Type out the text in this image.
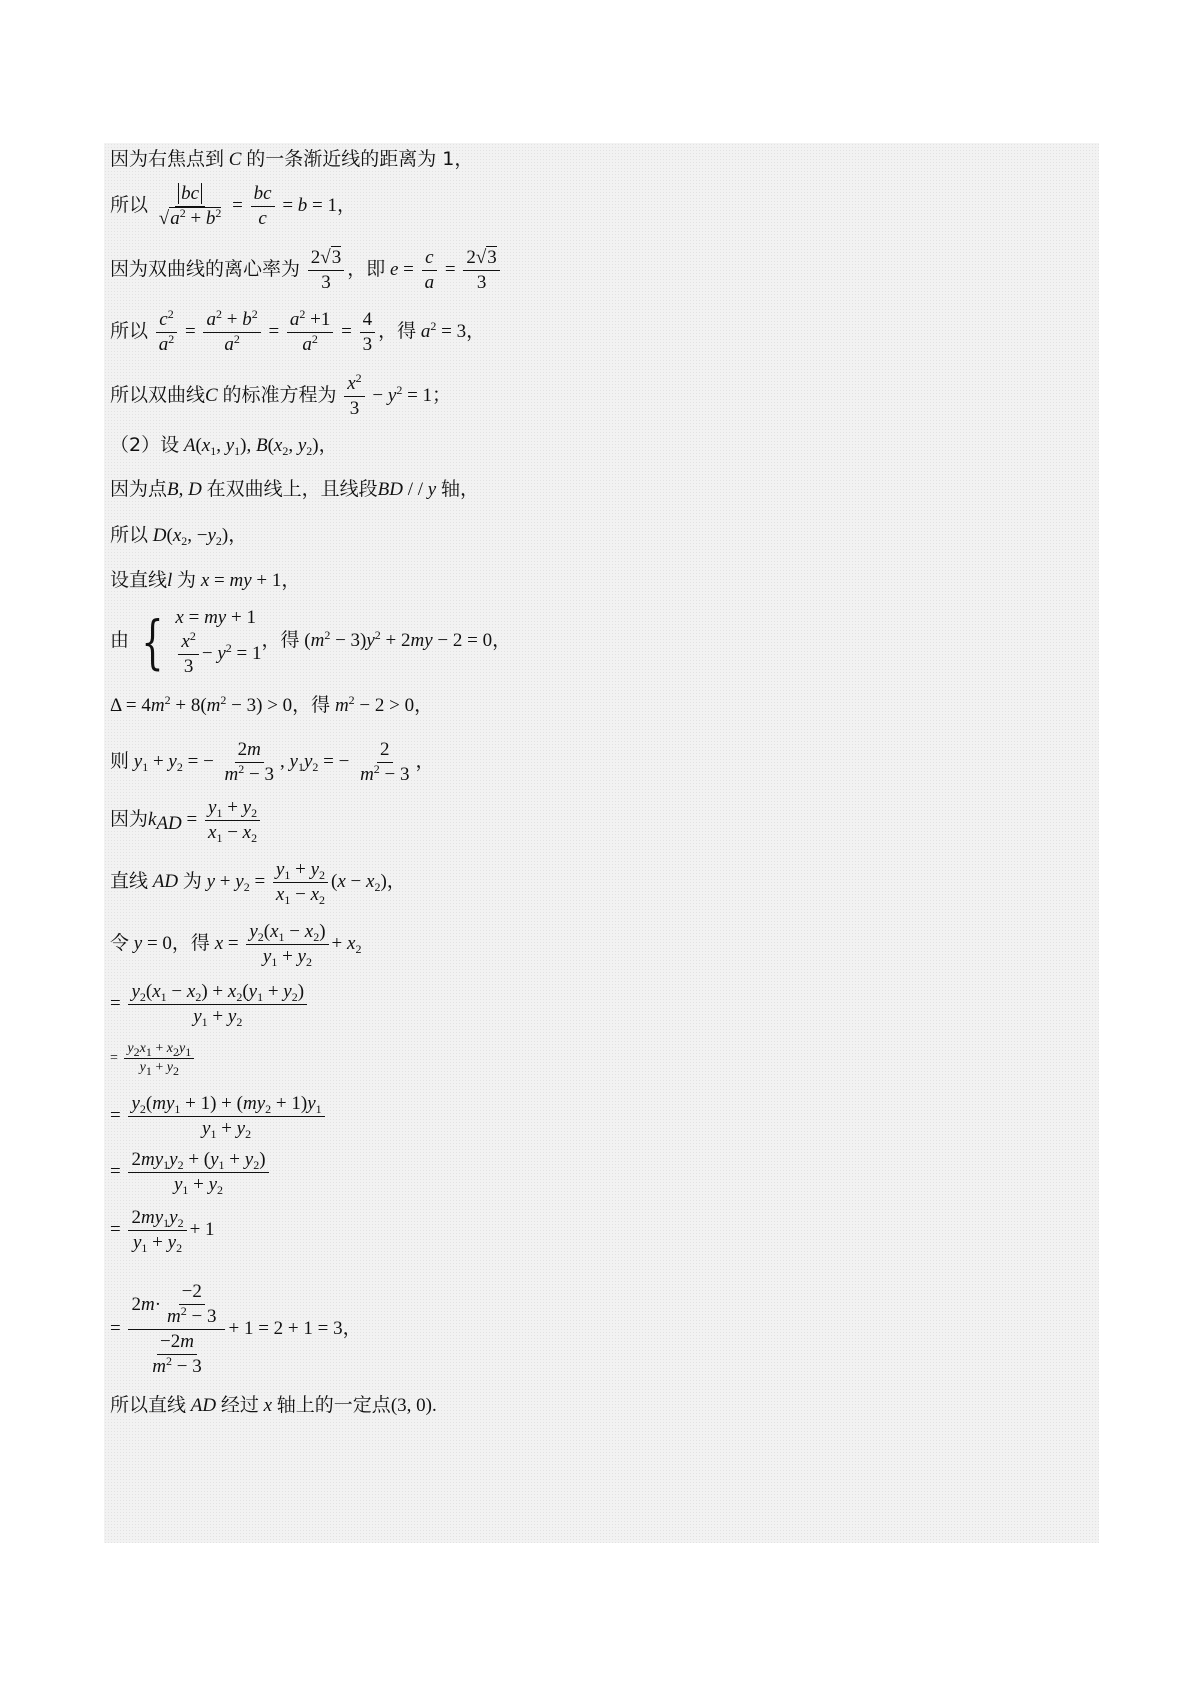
因为右焦点到 C 的一条渐近线的距离为 1，
所以 $\frac{bc}{√a^2 + b^2} = \frac{bc}{c} = b = 1$，
因为双曲线的离心率为 $\frac{2√3}{3}$ ，即 $e = \frac{c}{a} = \frac{2√3}{3}$
所以 $\frac{c^2}{a^2} = \frac{a^2 + b^2}{a^2} = \frac{a^2 +1}{a^2} = \frac{4}{3}$ ，得 $a^2 = 3$，
所以双曲线C 的标准方程为 $\frac{x^2}{3} - y^2 = 1$；
（2）设 $A(x_1$, $y_1$), $B(x_2$, $y_2$)，
因为点B, D 在双曲线上，且线段BD / / y 轴，
所以 $D(x_2$, $-y_2$)，
设直线l 为 x = my + 1，
由 { x = my + 1
$\frac{x^2}{3} - y^2 = 1$
，得 $(m^2 - 3)y^2 + 2my - 2 = 0$，
$\Delta = 4m^2 + 8(m^2 - 3) > 0$，得 $m^2 - 2 > 0$，
则 $y_1 + y_2$ = − $\frac{2m}{m^2 - 3}$ , $y_1y_2$ = − $\frac{2}{m^2 - 3}$ ，
因为$k_{AD} = \frac{y_1 + y_2}{x_1 - x_2}$
直线 AD 为 $y + y_2 = \frac{y_1 + y_2}{x_1 - x_2} (x - x_2)$，
令 y = 0，得 $x = \frac{y_2(x_1 - x_2)}{y_1 + y_2} + x_2$
= $\frac{y_2(x_1 - x_2) + x_2(y_1 + y_2)}{y_1 + y_2}$
= $\frac{y_2x_1 + x_2y_1}{y_1 + y_2}$
= $\frac{y_2(my_1 + 1) + (my_2 + 1)y_1}{y_1 + y_2}$
= $\frac{2my_1y_2 + (y_1 + y_2)}{y_1 + y_2}$
= $\frac{2my_1y_2}{y_1 + y_2} + 1$
= $\frac{2 m \cdot \frac{-2}{m^2 - 3}}{\frac{-2m}{m^2 - 3}} + 1 = 2 + 1 = 3$，
所以直线 AD 经过 x 轴上的一定点(3, 0).
